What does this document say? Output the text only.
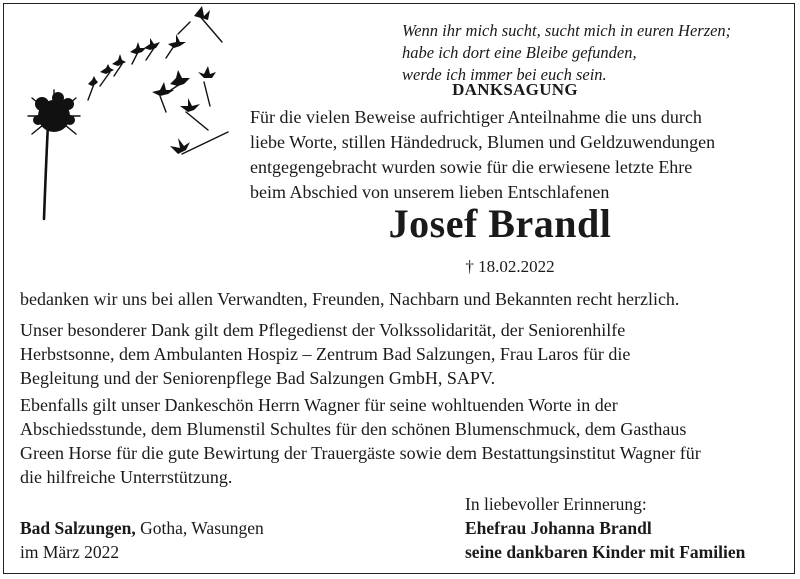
Wenn ihr mich sucht, sucht mich in euren Herzen;
habe ich dort eine Bleibe gefunden,
werde ich immer bei euch sein.
DANKSAGUNG
Für die vielen Beweise aufrichtiger Anteilnahme die uns durch
liebe Worte, stillen Händedruck, Blumen und Geldzuwendungen
entgegengebracht wurden sowie für die erwiesene letzte Ehre
beim Abschied von unserem lieben Entschlafenen
Josef Brandl
† 18.02.2022
bedanken wir uns bei allen Verwandten, Freunden, Nachbarn und Bekannten recht herzlich.
Unser besonderer Dank gilt dem Pflegedienst der Volkssolidarität, der Seniorenhilfe
Herbstsonne, dem Ambulanten Hospiz – Zentrum Bad Salzungen, Frau Laros für die
Begleitung und der Seniorenpflege Bad Salzungen GmbH, SAPV.
Ebenfalls gilt unser Dankeschön Herrn Wagner für seine wohltuenden Worte in der
Abschiedsstunde, dem Blumenstil Schultes für den schönen Blumenschmuck, dem Gasthaus
Green Horse für die gute Bewirtung der Trauergäste sowie dem Bestattungsinstitut Wagner für
die hilfreiche Unterrstützung.
In liebevoller Erinnerung:
Ehefrau Johanna Brandl
seine dankbaren Kinder mit Familien
Bad Salzungen, Gotha, Wasungen
im März 2022
